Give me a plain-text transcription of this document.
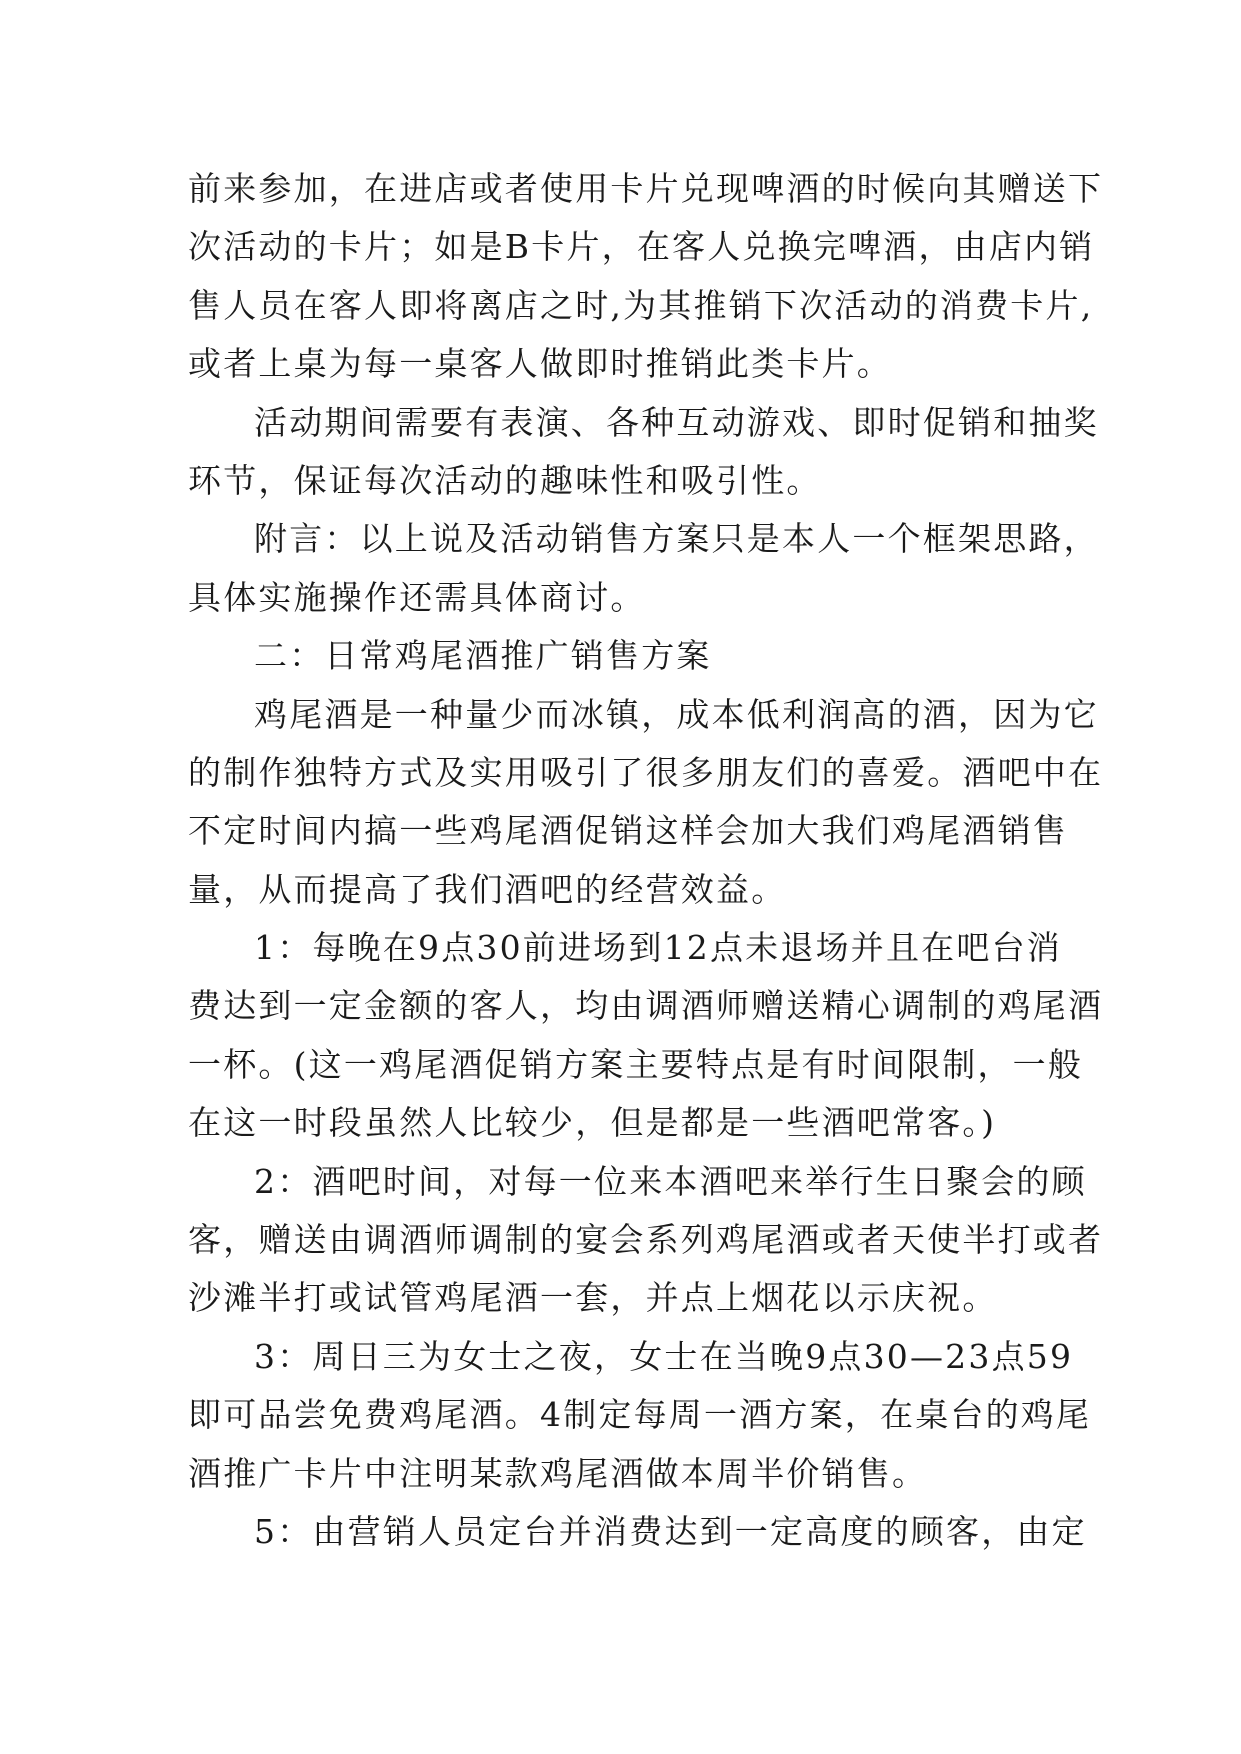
前来参加，在进店或者使用卡片兑现啤酒的时候向其赠送下
次活动的卡片；如是B卡片，在客人兑换完啤酒，由店内销
售人员在客人即将离店之时,为其推销下次活动的消费卡片,
或者上桌为每一桌客人做即时推销此类卡片。
活动期间需要有表演、各种互动游戏、即时促销和抽奖
环节，保证每次活动的趣味性和吸引性。
附言：以上说及活动销售方案只是本人一个框架思路，
具体实施操作还需具体商讨。
二：日常鸡尾酒推广销售方案
鸡尾酒是一种量少而冰镇，成本低利润高的酒，因为它
的制作独特方式及实用吸引了很多朋友们的喜爱。酒吧中在
不定时间内搞一些鸡尾酒促销这样会加大我们鸡尾酒销售
量，从而提高了我们酒吧的经营效益。
1：每晚在9点30前进场到12点未退场并且在吧台消
费达到一定金额的客人，均由调酒师赠送精心调制的鸡尾酒
一杯。(这一鸡尾酒促销方案主要特点是有时间限制，一般
在这一时段虽然人比较少，但是都是一些酒吧常客。)
2：酒吧时间，对每一位来本酒吧来举行生日聚会的顾
客，赠送由调酒师调制的宴会系列鸡尾酒或者天使半打或者
沙滩半打或试管鸡尾酒一套，并点上烟花以示庆祝。
3：周日三为女士之夜，女士在当晚9点30—23点59
即可品尝免费鸡尾酒。4制定每周一酒方案，在桌台的鸡尾
酒推广卡片中注明某款鸡尾酒做本周半价销售。
5：由营销人员定台并消费达到一定高度的顾客，由定
